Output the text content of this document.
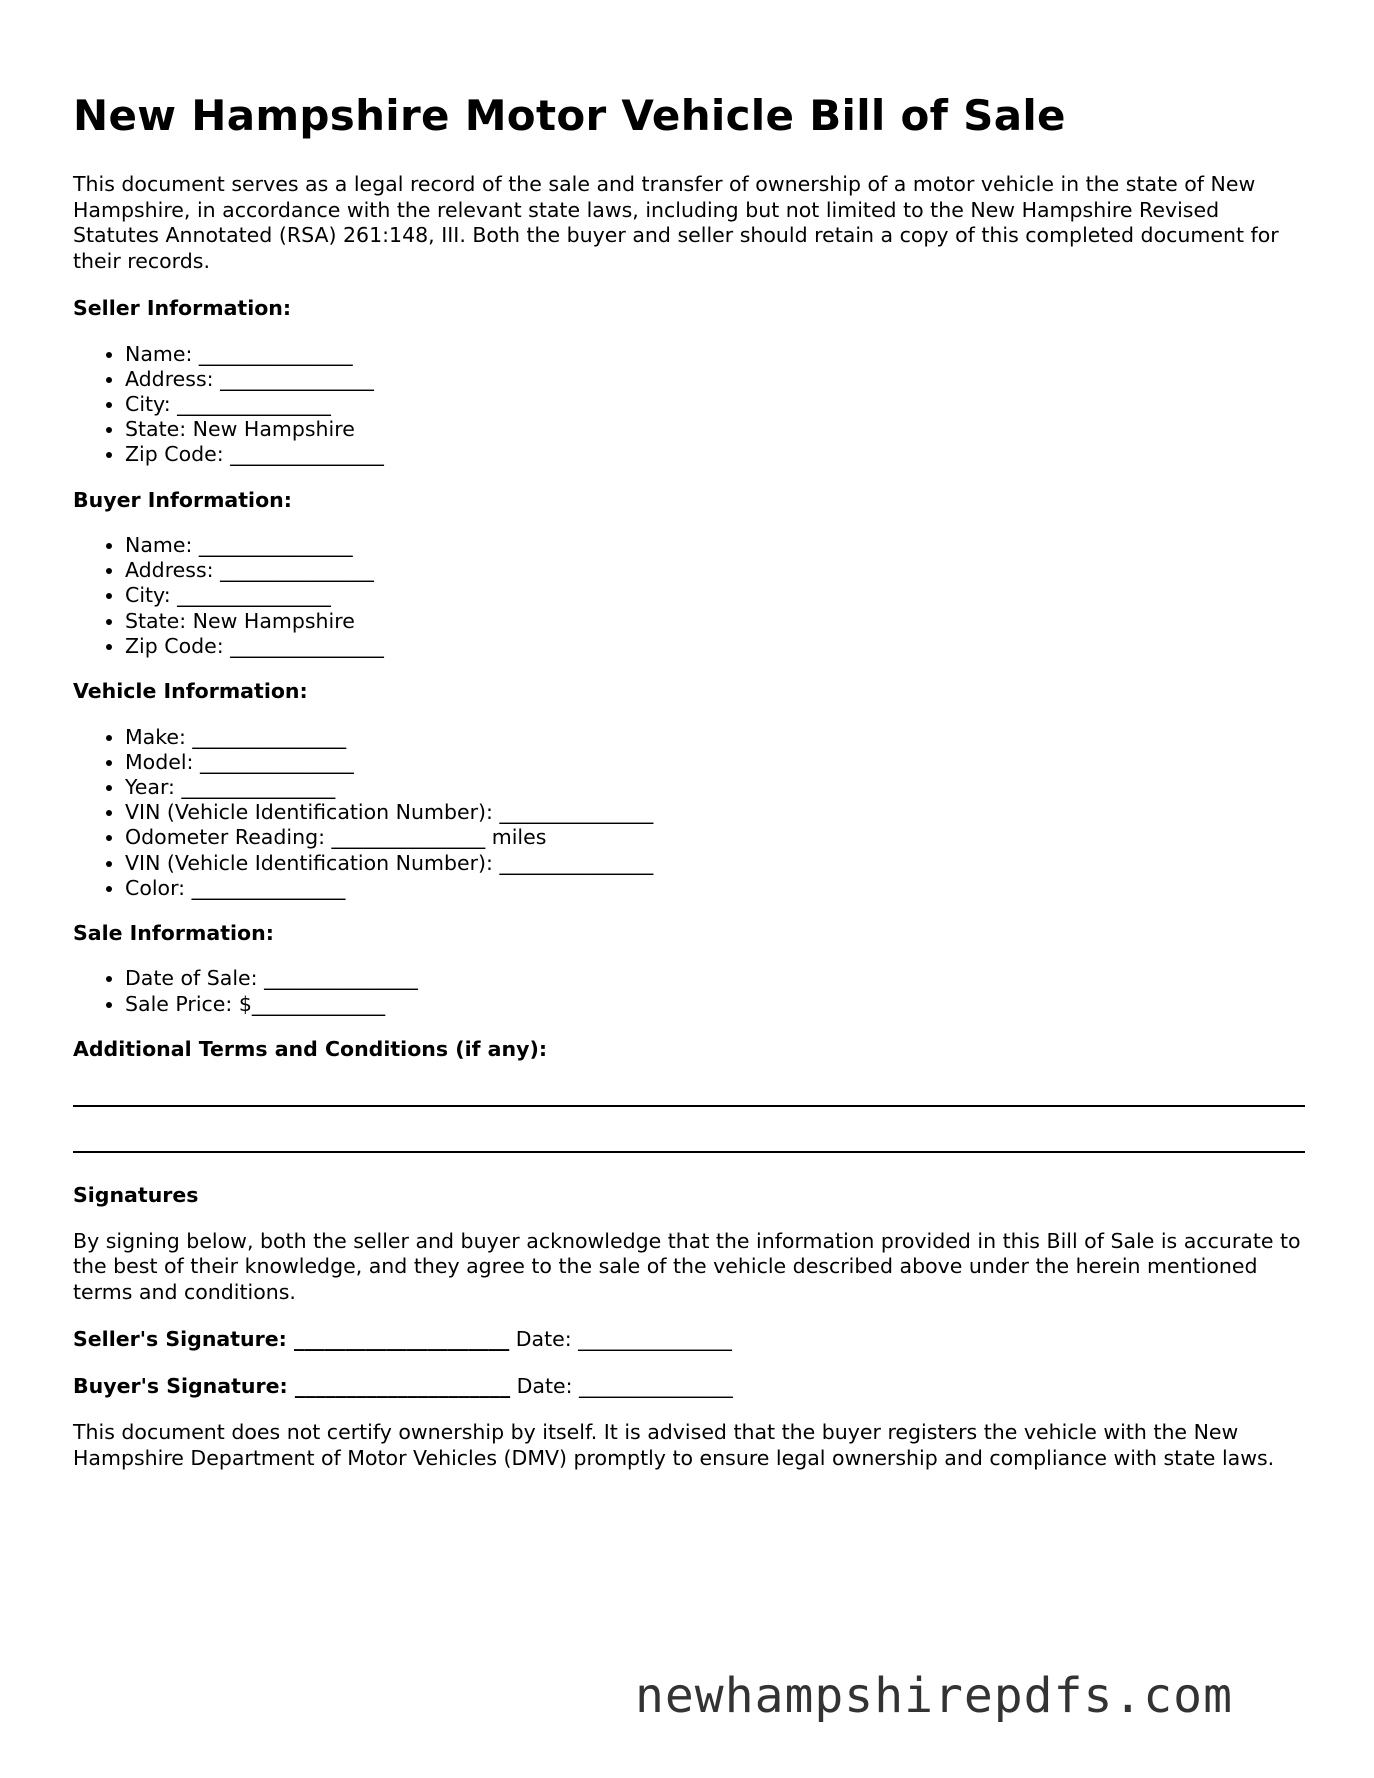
New Hampshire Motor Vehicle Bill of Sale

This document serves as a legal record of the sale and transfer of ownership of a motor vehicle in the state of New Hampshire, in accordance with the relevant state laws, including but not limited to the New Hampshire Revised Statutes Annotated (RSA) 261:148, III. Both the buyer and seller should retain a copy of this completed document for their records.

Seller Information:
• Name: _______________
• Address: _______________
• City: _______________
• State: New Hampshire
• Zip Code: _______________
Buyer Information:
• Name: _______________
• Address: _______________
• City: _______________
• State: New Hampshire
• Zip Code: _______________
Vehicle Information:
• Make: _______________
• Model: _______________
• Year: _______________
• VIN (Vehicle Identification Number): _______________
• Odometer Reading: _______________ miles
• VIN (Vehicle Identification Number): _______________
• Color: _______________
Sale Information:
• Date of Sale: _______________
• Sale Price: $_____________
Additional Terms and Conditions (if any):
Signatures

By signing below, both the seller and buyer acknowledge that the information provided in this Bill of Sale is accurate to the best of their knowledge, and they agree to the sale of the vehicle described above under the herein mentioned terms and conditions.

Seller's Signature: _____________________ Date: _______________
Buyer's Signature: _____________________ Date: _______________

This document does not certify ownership by itself. It is advised that the buyer registers the vehicle with the New Hampshire Department of Motor Vehicles (DMV) promptly to ensure legal ownership and compliance with state laws.

newhampshirepdfs.com
